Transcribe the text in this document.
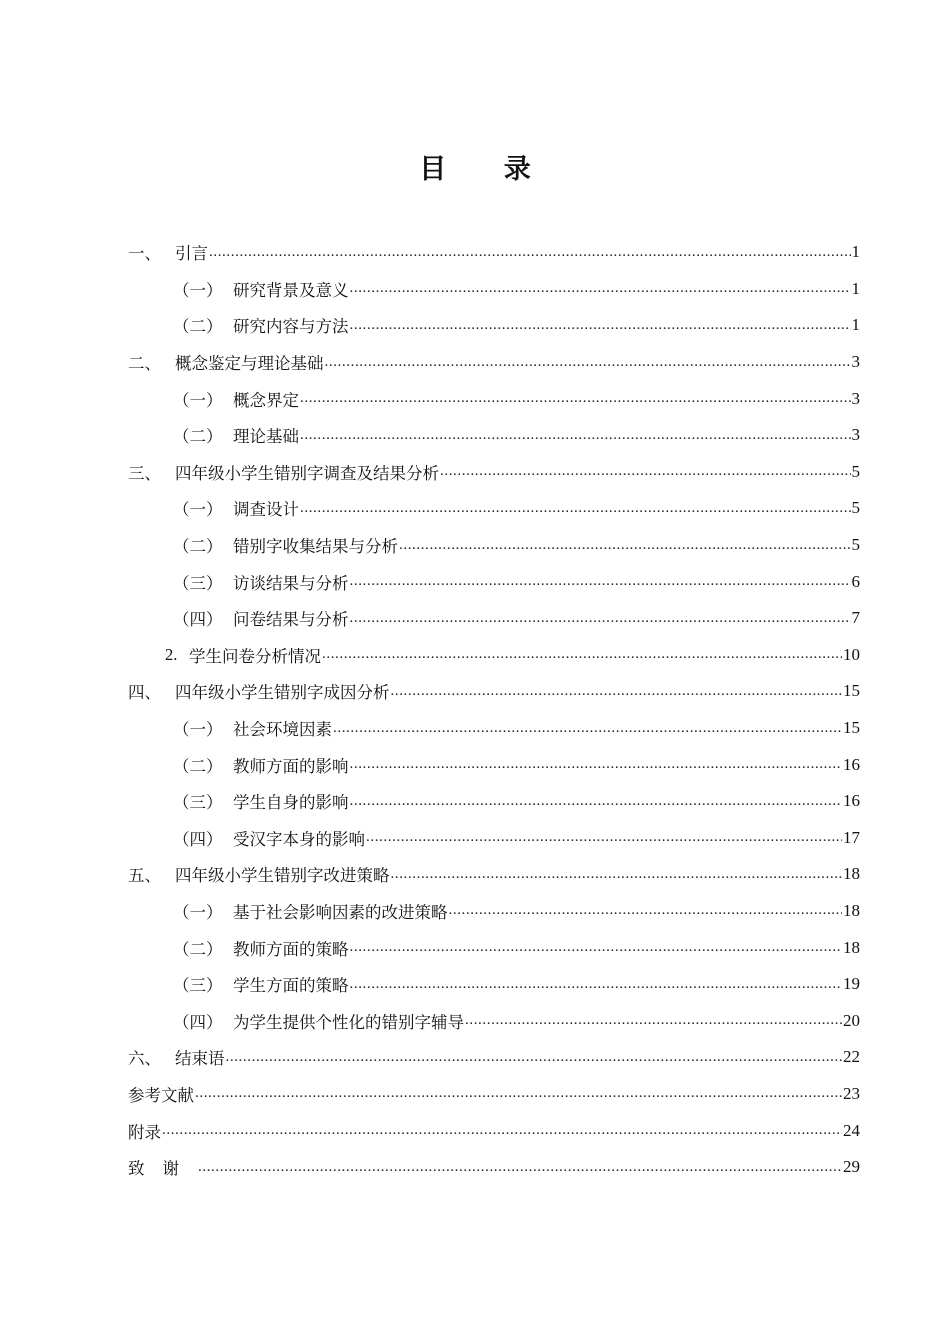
目 录
一、 引言 .....	1
（一） 研究背景及意义 .....	1
（二） 研究内容与方法 .....	1
二、 概念鉴定与理论基础 .....	3
（一） 概念界定 .....	3
（二） 理论基础 .....	3
三、 四年级小学生错别字调查及结果分析 .....	5
（一） 调查设计 .....	5
（二） 错别字收集结果与分析 .....	5
（三） 访谈结果与分析 .....	6
（四） 问卷结果与分析 .....	7
2. 学生问卷分析情况 .....	10
四、 四年级小学生错别字成因分析 .....	15
（一） 社会环境因素 .....	15
（二） 教师方面的影响 .....	16
（三） 学生自身的影响 .....	16
（四） 受汉字本身的影响 .....	17
五、 四年级小学生错别字改进策略 .....	18
（一） 基于社会影响因素的改进策略 .....	18
（二） 教师方面的策略 .....	18
（三） 学生方面的策略 .....	19
（四） 为学生提供个性化的错别字辅导 .....	20
六、 结束语 .....	22
参考文献 .....	23
附录 .....	24
致谢 .....	29
